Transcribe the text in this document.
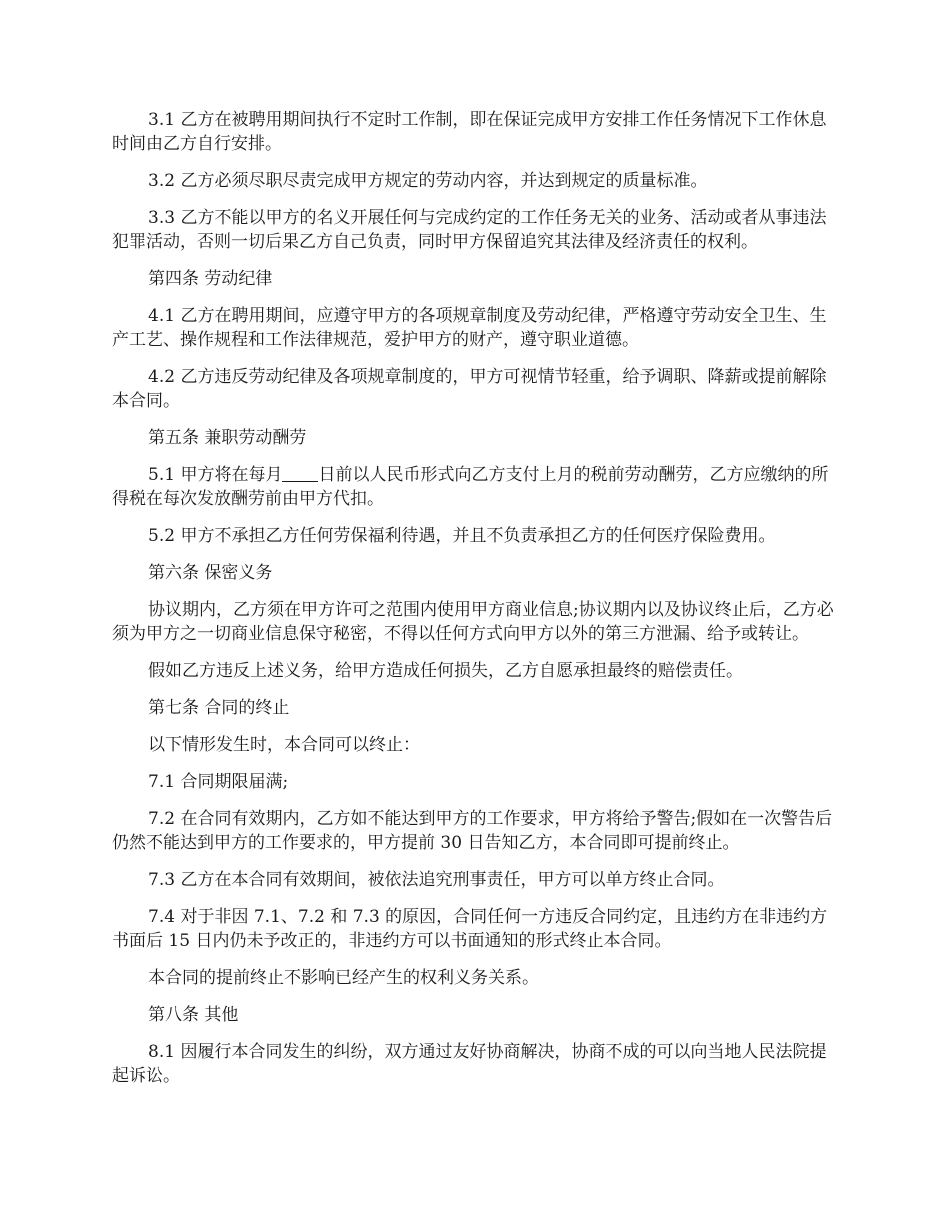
3.1 乙方在被聘用期间执行不定时工作制，即在保证完成甲方安排工作任务情况下工作休息时间由乙方自行安排。

3.2 乙方必须尽职尽责完成甲方规定的劳动内容，并达到规定的质量标准。

3.3 乙方不能以甲方的名义开展任何与完成约定的工作任务无关的业务、活动或者从事违法犯罪活动，否则一切后果乙方自己负责，同时甲方保留追究其法律及经济责任的权利。

第四条 劳动纪律

4.1 乙方在聘用期间，应遵守甲方的各项规章制度及劳动纪律，严格遵守劳动安全卫生、生产工艺、操作规程和工作法律规范，爱护甲方的财产，遵守职业道德。

4.2 乙方违反劳动纪律及各项规章制度的，甲方可视情节轻重，给予调职、降薪或提前解除本合同。

第五条 兼职劳动酬劳

5.1 甲方将在每月 日前以人民币形式向乙方支付上月的税前劳动酬劳，乙方应缴纳的所得税在每次发放酬劳前由甲方代扣。

5.2 甲方不承担乙方任何劳保福利待遇，并且不负责承担乙方的任何医疗保险费用。

第六条 保密义务

协议期内，乙方须在甲方许可之范围内使用甲方商业信息;协议期内以及协议终止后，乙方必须为甲方之一切商业信息保守秘密，不得以任何方式向甲方以外的第三方泄漏、给予或转让。

假如乙方违反上述义务，给甲方造成任何损失，乙方自愿承担最终的赔偿责任。

第七条 合同的终止

以下情形发生时，本合同可以终止：

7.1 合同期限届满;

7.2 在合同有效期内，乙方如不能达到甲方的工作要求，甲方将给予警告;假如在一次警告后仍然不能达到甲方的工作要求的，甲方提前 30 日告知乙方，本合同即可提前终止。

7.3 乙方在本合同有效期间，被依法追究刑事责任，甲方可以单方终止合同。

7.4 对于非因 7.1、7.2 和 7.3 的原因，合同任何一方违反合同约定，且违约方在非违约方书面后 15 日内仍未予改正的，非违约方可以书面通知的形式终止本合同。

本合同的提前终止不影响已经产生的权利义务关系。

第八条 其他

8.1 因履行本合同发生的纠纷，双方通过友好协商解决，协商不成的可以向当地人民法院提起诉讼。
